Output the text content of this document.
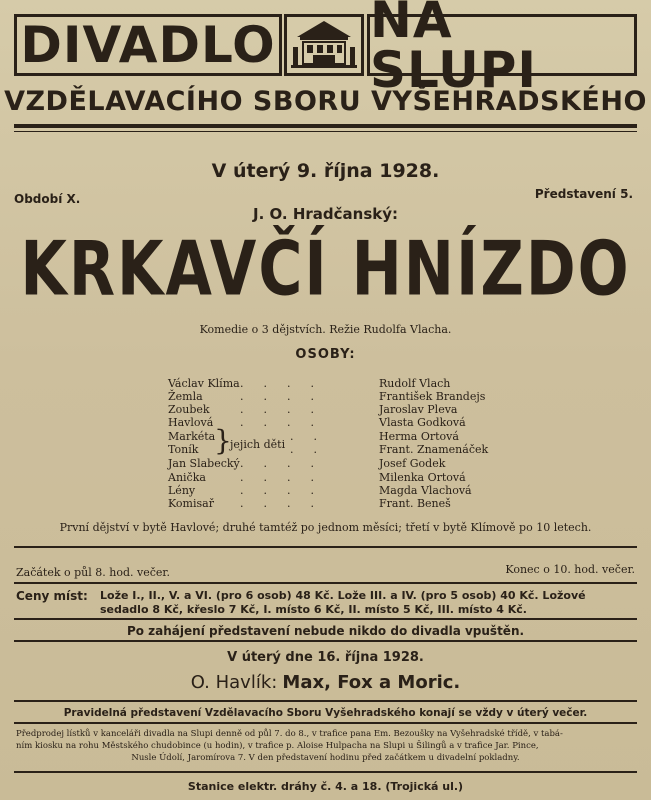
DIVADLO NA SLUPI
VZDĚLAVACÍHO SBORU VYŠEHRADSKÉHO
V úterý 9. října 1928.
Období X.	Představení 5.
J. O. Hradčanský:
KRKAVČÍ HNÍZDO
Komedie o 3 dějstvích. Režie Rudolfa Vlacha.
OSOBY:
Václav Klíma ....	Rudolf Vlach
Žemla	....	František Brandejs
Zoubek	....	Jaroslav Pleva
Havlová ....	Vlasta Godková
Markéta	..	Herma Ortová
Toník	..	Frant. Znamenáček
}
jejich děti
Jan Slabecký ....	Josef Godek
Anička	....	Milenka Ortová
Lény	....	Magda Vlachová
Komisař ....	Frant. Beneš
První dějství v bytě Havlové; druhé tamtéž po jednom měsíci; třetí v bytě Klímově po 10 letech.
Začátek o půl 8. hod. večer.	Konec o 10. hod. večer.
Ceny míst: Lože I., II., V. a VI. (pro 6 osob) 48 Kč. Lože III. a IV. (pro 5 osob) 40 Kč. Ložové
sedadlo 8 Kč, křeslo 7 Kč, I. místo 6 Kč, II. místo 5 Kč, III. místo 4 Kč.
Po zahájení představení nebude nikdo do divadla vpuštěn.
V úterý dne 16. října 1928.
O. Havlík: Max, Fox a Moric.
Pravidelná představení Vzdělavacího Sboru Vyšehradského konají se vždy v úterý večer.
Předprodej lístků v kanceláři divadla na Slupi denně od půl 7. do 8., v trafice pana Em. Bezoušky na Vyšehradské třídě, v tabá-
ním kiosku na rohu Městského chudobince (u hodin), v trafice p. Aloise Hulpacha na Slupi u Šilingů a v trafice Jar. Pince,
Nusle Údolí, Jaromírova 7. V den představení hodinu před začátkem u divadelní pokladny.
Stanice elektr. dráhy č. 4. a 18. (Trojická ul.)
